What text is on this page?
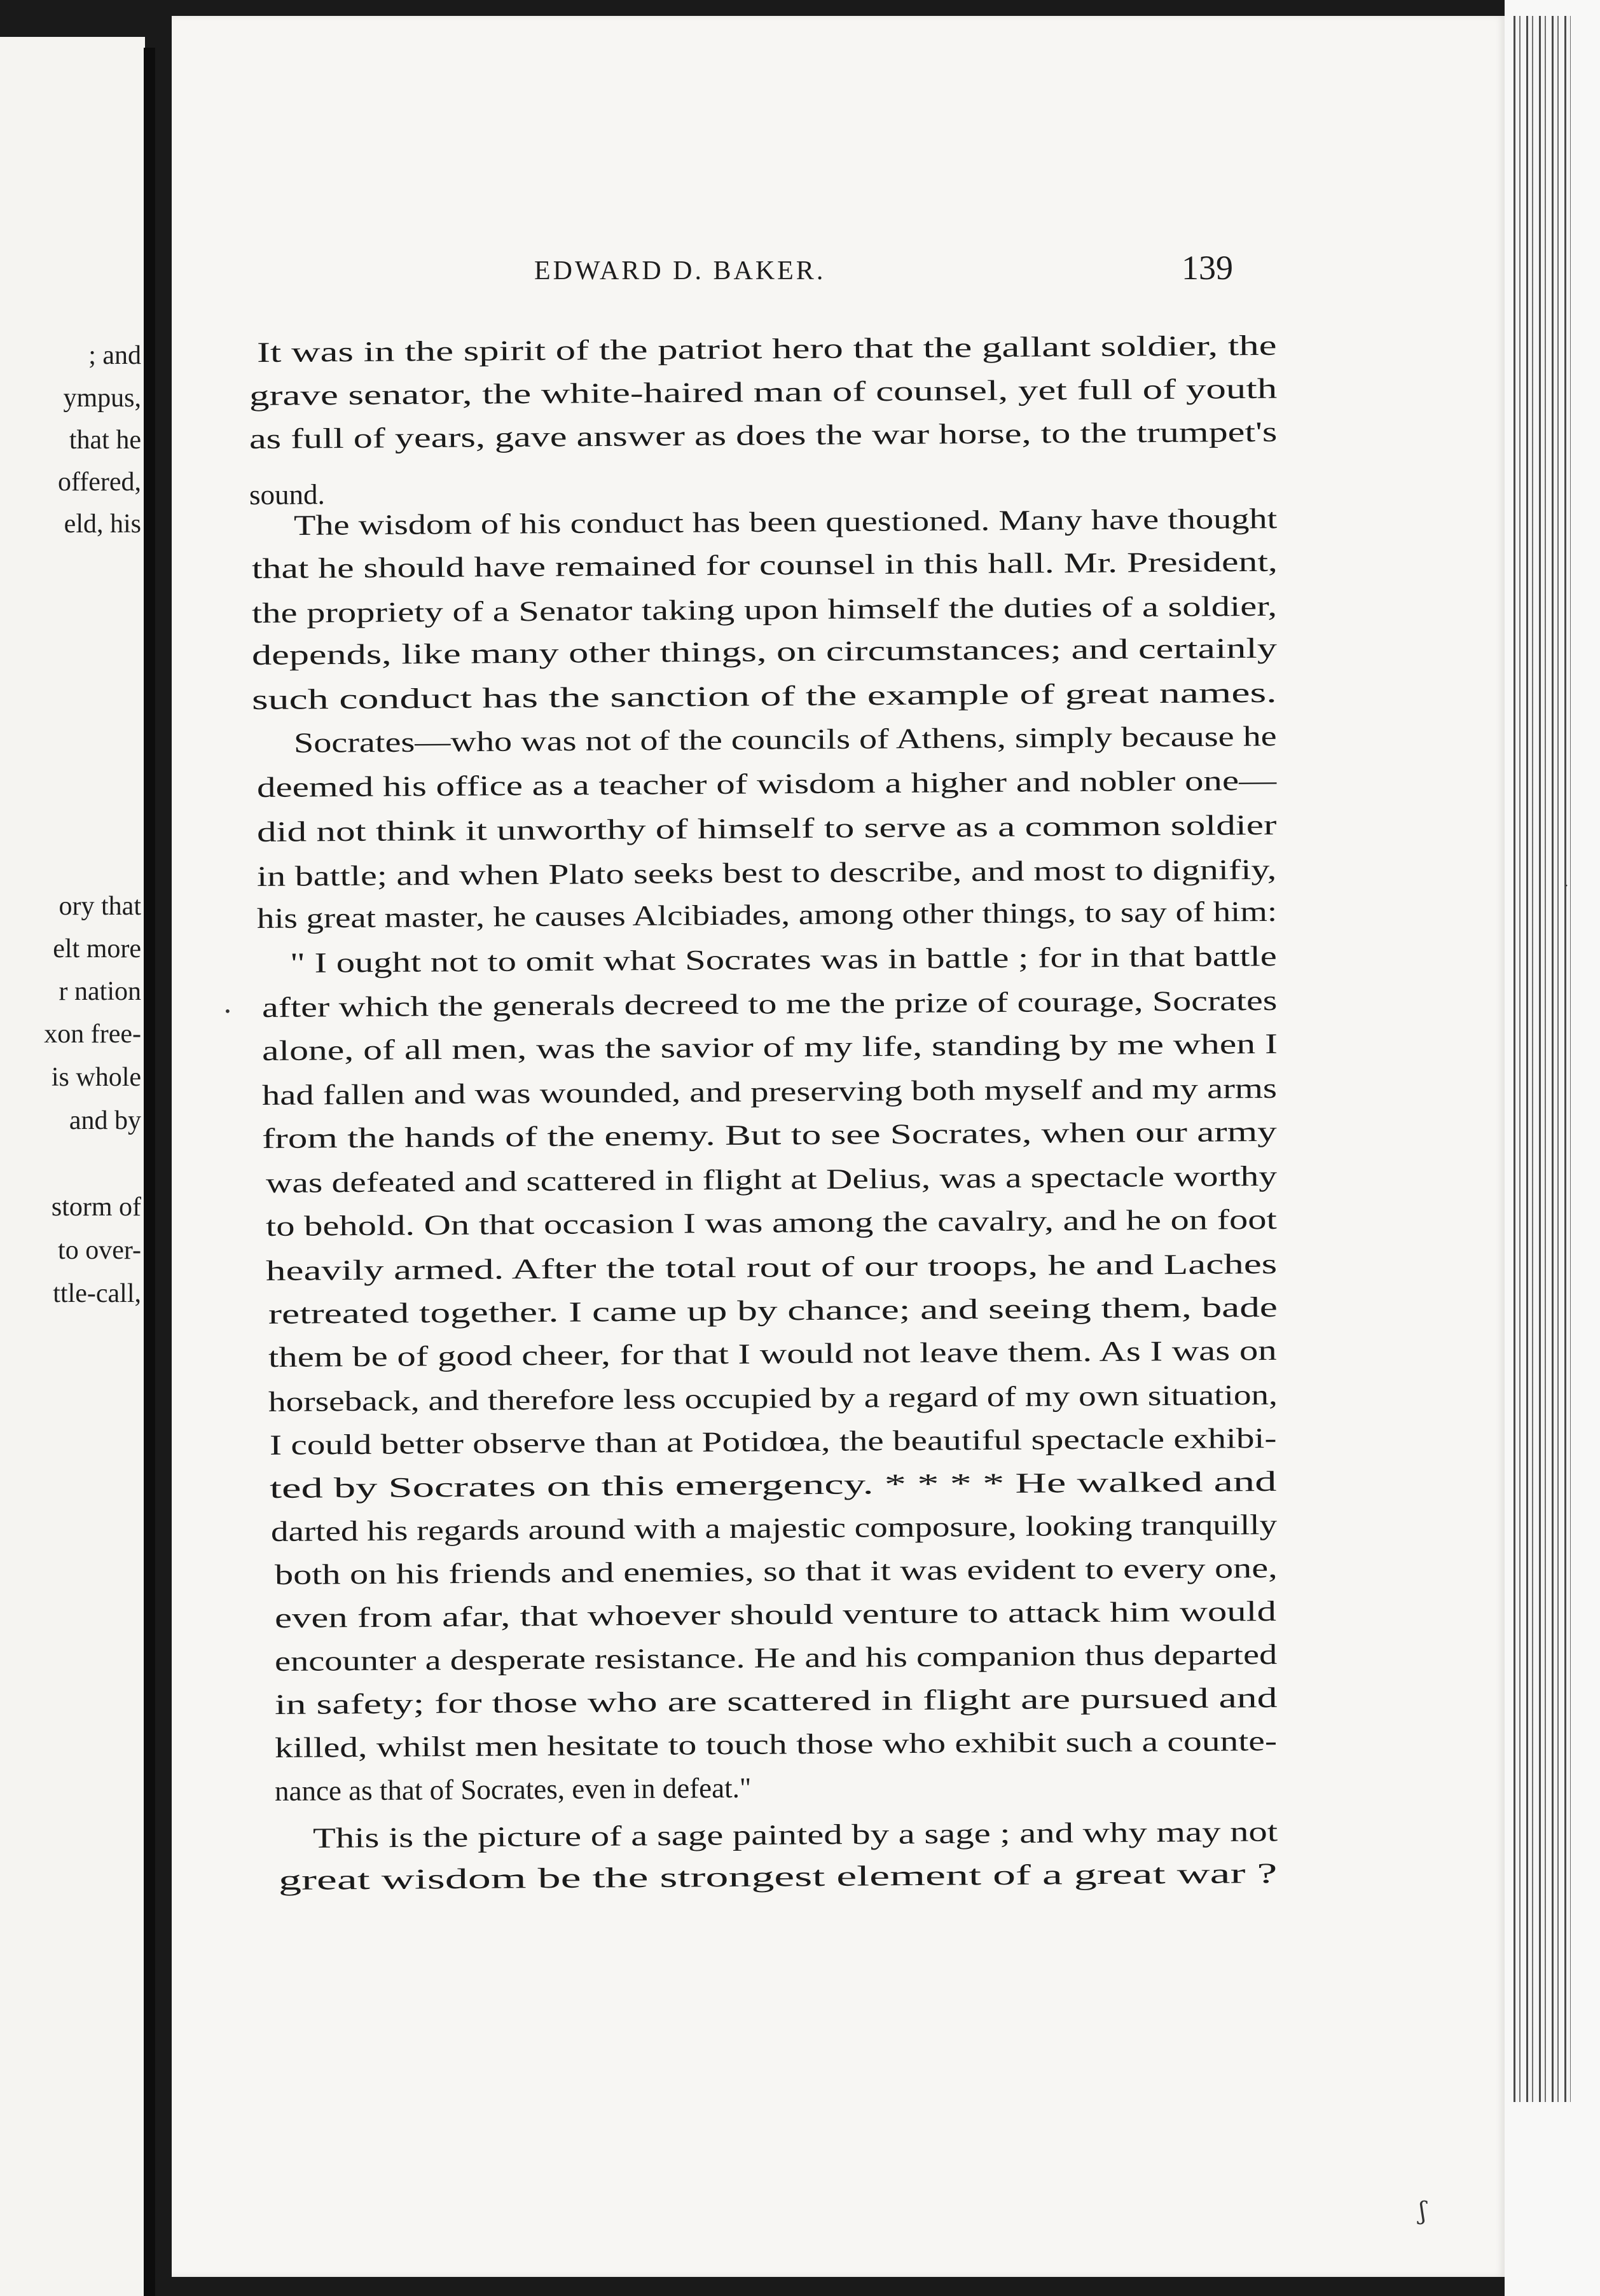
; and
ympus,
that he
offered,
eld, his
ory that
elt more
r nation
xon free-
is whole
and by
storm of
to over-
ttle-call,
EDWARD D. BAKER.	139
It was in the spirit of the patriot hero that the gallant soldier, the
grave senator, the white-haired man of counsel, yet full of youth
as full of years, gave answer as does the war horse, to the trumpet's
sound.
The wisdom of his conduct has been questioned. Many have thought
that he should have remained for counsel in this hall. Mr. President,
the propriety of a Senator taking upon himself the duties of a soldier,
depends, like many other things, on circumstances; and certainly
such conduct has the sanction of the example of great names.
Socrates—who was not of the councils of Athens, simply because he
deemed his office as a teacher of wisdom a higher and nobler one—
did not think it unworthy of himself to serve as a common soldier
in battle; and when Plato seeks best to describe, and most to dignifiy,
his great master, he causes Alcibiades, among other things, to say of him:
" I ought not to omit what Socrates was in battle ; for in that battle
after which the generals decreed to me the prize of courage, Socrates
alone, of all men, was the savior of my life, standing by me when I
had fallen and was wounded, and preserving both myself and my arms
from the hands of the enemy. But to see Socrates, when our army
was defeated and scattered in flight at Delius, was a spectacle worthy
to behold. On that occasion I was among the cavalry, and he on foot
heavily armed. After the total rout of our troops, he and Laches
retreated together. I came up by chance; and seeing them, bade
them be of good cheer, for that I would not leave them. As I was on
horseback, and therefore less occupied by a regard of my own situation,
I could better observe than at Potidœa, the beautiful spectacle exhibi-
ted by Socrates on this emergency. * * * * He walked and
darted his regards around with a majestic composure, looking tranquilly
both on his friends and enemies, so that it was evident to every one,
even from afar, that whoever should venture to attack him would
encounter a desperate resistance. He and his companion thus departed
in safety; for those who are scattered in flight are pursued and
killed, whilst men hesitate to touch those who exhibit such a counte-
nance as that of Socrates, even in defeat."
This is the picture of a sage painted by a sage ; and why may not
great wisdom be the strongest element of a great war ?
•
·
ʃ
